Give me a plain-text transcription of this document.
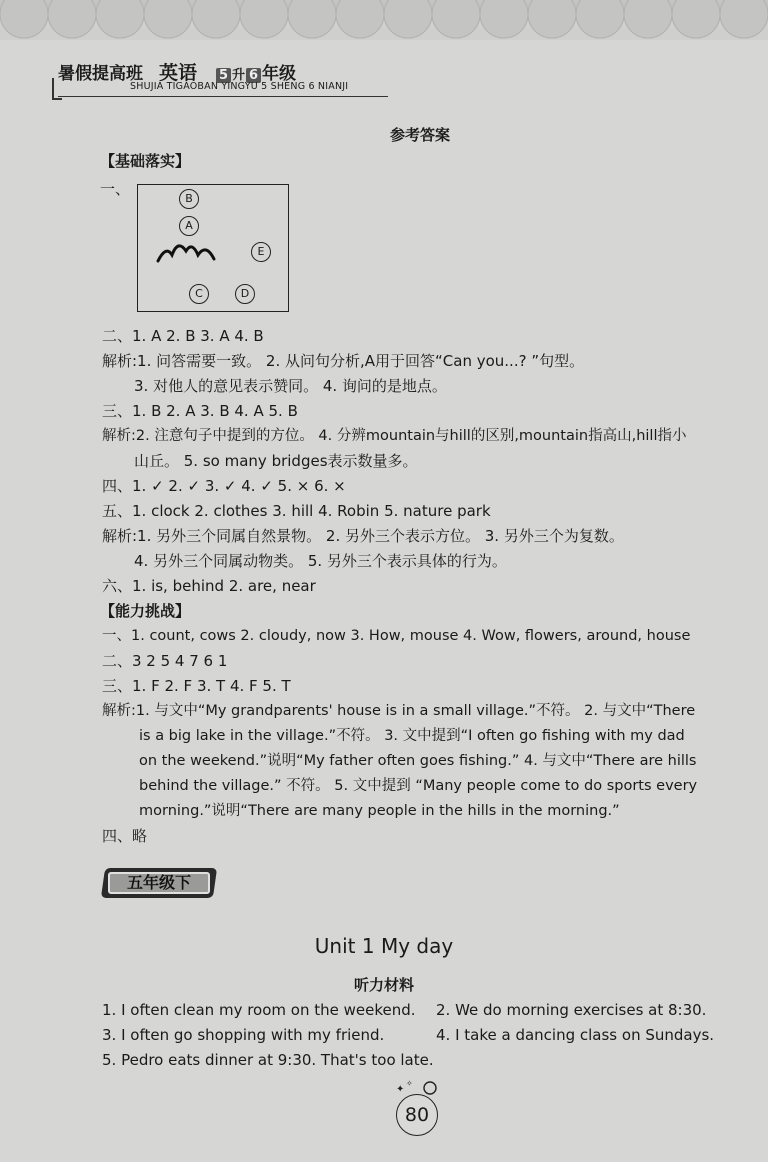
暑假提高班 英语 5 升 6 年级
SHUJIA TIGAOBAN YINGYU 5 SHENG 6 NIANJI
参考答案
【基础落实】
一、
B
A
E
C	D
二、1. A 2. B 3. A 4. B
解析:1. 问答需要一致。 2. 从问句分析,A用于回答“Can you...? ”句型。
3. 对他人的意见表示赞同。 4. 询问的是地点。
三、1. B 2. A 3. B 4. A 5. B
解析:2. 注意句子中提到的方位。 4. 分辨mountain与hill的区别,mountain指高山,hill指小
山丘。 5. so many bridges表示数量多。
四、1. ✓ 2. ✓ 3. ✓ 4. ✓ 5. × 6. ×
五、1. clock 2. clothes 3. hill 4. Robin 5. nature park
解析:1. 另外三个同属自然景物。 2. 另外三个表示方位。 3. 另外三个为复数。
4. 另外三个同属动物类。 5. 另外三个表示具体的行为。
六、1. is, behind 2. are, near
【能力挑战】
一、1. count, cows 2. cloudy, now 3. How, mouse 4. Wow, flowers, around, house
二、3 2 5 4 7 6 1
三、1. F 2. F 3. T 4. F 5. T
解析:1. 与文中“My grandparents' house is in a small village.”不符。 2. 与文中“There
is a big lake in the village.”不符。 3. 文中提到“I often go fishing with my dad
on the weekend.”说明“My father often goes fishing.” 4. 与文中“There are hills
behind the village.” 不符。 5. 文中提到 “Many people come to do sports every
morning.”说明“There are many people in the hills in the morning.”
四、略
五年级下
Unit 1 My day
听力材料
1. I often clean my room on the weekend. 2. We do morning exercises at 8:30.
3. I often go shopping with my friend.	4. I take a dancing class on Sundays.
5. Pedro eats dinner at 9:30. That's too late.
✦
✧
80
